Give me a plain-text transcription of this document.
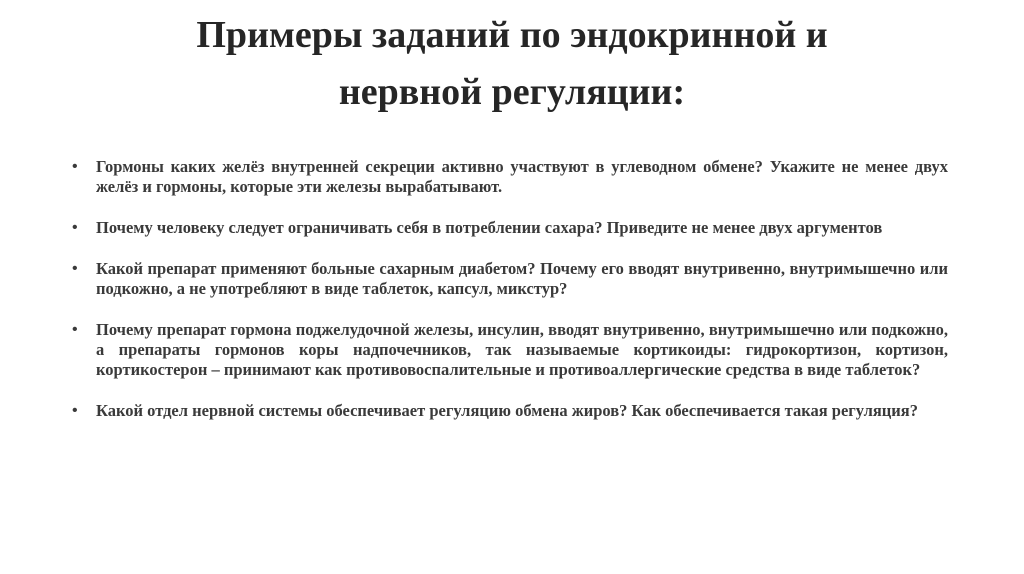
Примеры заданий по эндокринной и
нервной регуляции:
• Гормоны каких желёз внутренней секреции активно участвуют в углеводном обмене? Укажите не менее двух желёз и гормоны, которые эти железы вырабатывают.
• Почему человеку следует ограничивать себя в потреблении сахара? Приведите не менее двух аргументов
• Какой препарат применяют больные сахарным диабетом? Почему его вводят внутривенно, внутримышечно или подкожно, а не употребляют в виде таблеток, капсул, микстур?
• Почему препарат гормона поджелудочной железы, инсулин, вводят внутривенно, внутримышечно или подкожно, а препараты гормонов коры надпочечников, так называемые кортикоиды: гидрокортизон, кортизон, кортикостерон – принимают как противовоспалительные и противоаллергические средства в виде таблеток?
• Какой отдел нервной системы обеспечивает регуляцию обмена жиров? Как обеспечивается такая регуляция?
